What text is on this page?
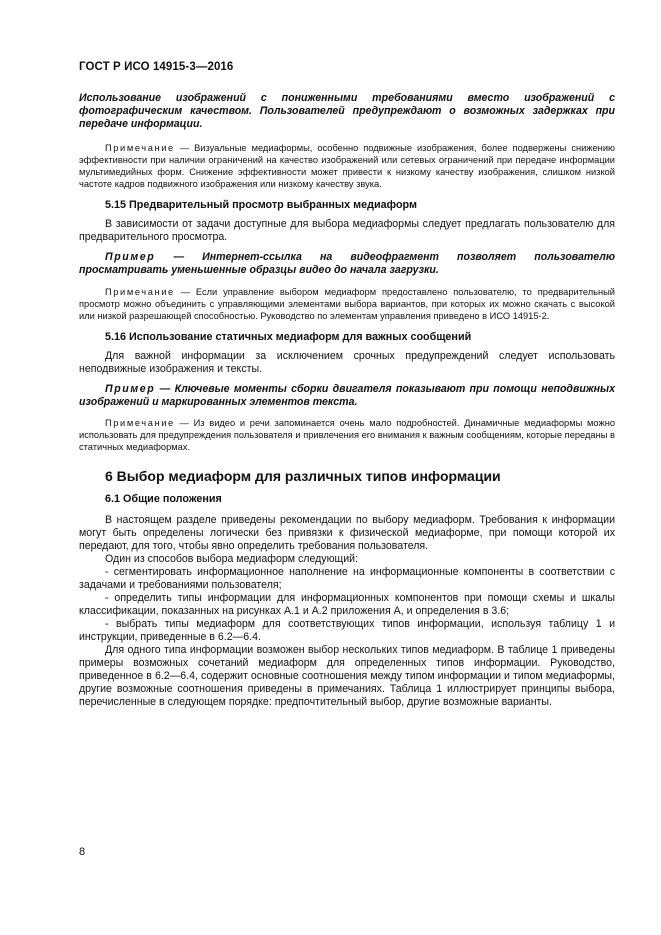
ГОСТ Р ИСО 14915-3—2016

Использование изображений с пониженными требованиями вместо изображений с фотографическим качеством. Пользователей предупреждают о возможных задержках при передаче информации.

Примечание — Визуальные медиаформы, особенно подвижные изображения, более подвержены снижению эффективности при наличии ограничений на качество изображений или сетевых ограничений при передаче информации мультимедийных форм. Снижение эффективности может привести к низкому качеству изображения, слишком низкой частоте кадров подвижного изображения или низкому качеству звука.

5.15 Предварительный просмотр выбранных медиаформ

В зависимости от задачи доступные для выбора медиаформы следует предлагать пользователю для предварительного просмотра.

Пример — Интернет-ссылка на видеофрагмент позволяет пользователю просматривать уменьшенные образцы видео до начала загрузки.

Примечание — Если управление выбором медиаформ предоставлено пользователю, то предварительный просмотр можно объединить с управляющими элементами выбора вариантов, при которых их можно скачать с высокой или низкой разрешающей способностью. Руководство по элементам управления приведено в ИСО 14915-2.

5.16 Использование статичных медиаформ для важных сообщений

Для важной информации за исключением срочных предупреждений следует использовать неподвижные изображения и тексты.

Пример — Ключевые моменты сборки двигателя показывают при помощи неподвижных изображений и маркированных элементов текста.

Примечание — Из видео и речи запоминается очень мало подробностей. Динамичные медиаформы можно использовать для предупреждения пользователя и привлечения его внимания к важным сообщениям, которые переданы в статичных медиаформах.

6 Выбор медиаформ для различных типов информации

6.1 Общие положения

В настоящем разделе приведены рекомендации по выбору медиаформ. Требования к информации могут быть определены логически без привязки к физической медиаформе, при помощи которой их передают, для того, чтобы явно определить требования пользователя.

Один из способов выбора медиаформ следующий:

- сегментировать информационное наполнение на информационные компоненты в соответствии с задачами и требованиями пользователя;

- определить типы информации для информационных компонентов при помощи схемы и шкалы классификации, показанных на рисунках А.1 и А.2 приложения А, и определения в 3.6;

- выбрать типы медиаформ для соответствующих типов информации, используя таблицу 1 и инструкции, приведенные в 6.2—6.4.

Для одного типа информации возможен выбор нескольких типов медиаформ. В таблице 1 приведены примеры возможных сочетаний медиаформ для определенных типов информации. Руководство, приведенное в 6.2—6.4, содержит основные соотношения между типом информации и типом медиаформы, другие возможные соотношения приведены в примечаниях. Таблица 1 иллюстрирует принципы выбора, перечисленные в следующем порядке: предпочтительный выбор, другие возможные варианты.

8
